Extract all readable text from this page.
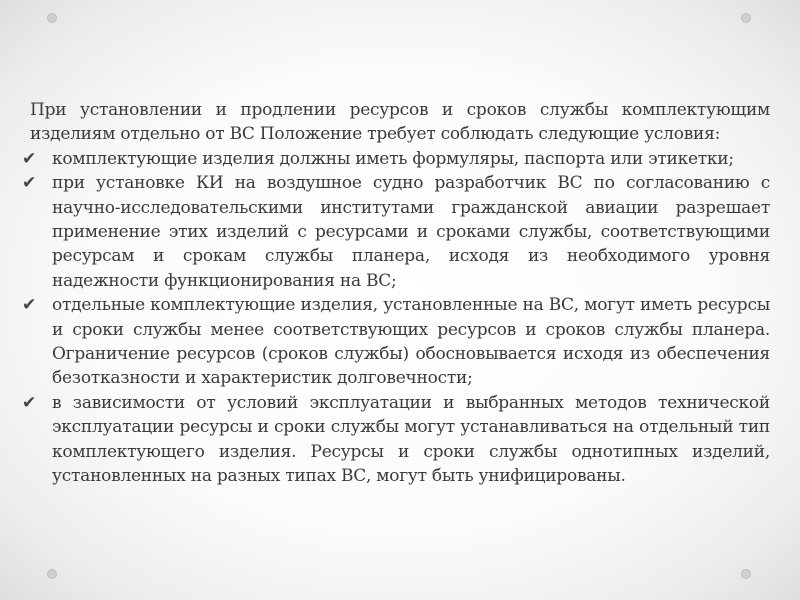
При установлении и продлении ресурсов и сроков службы комплектующим изделиям отдельно от ВС Положение требует соблюдать следующие условия:

✔ комплектующие изделия должны иметь формуляры, паспорта или этикетки;
✔ при установке КИ на воздушное судно разработчик ВС по согласованию с научно-исследовательскими институтами гражданской авиации разрешает применение этих изделий с ресурсами и сроками службы, соответствующими ресурсам и срокам службы планера, исходя из необходимого уровня надежности функционирования на ВС;
✔ отдельные комплектующие изделия, установленные на ВС, могут иметь ресурсы и сроки службы менее соответствующих ресурсов и сроков службы планера. Ограничение ресурсов (сроков службы) обосновывается исходя из обеспечения безотказности и характеристик долговечности;
✔ в зависимости от условий эксплуатации и выбранных методов технической эксплуатации ресурсы и сроки службы могут устанавливаться на отдельный тип комплектующего изделия. Ресурсы и сроки службы однотипных изделий, установленных на разных типах ВС, могут быть унифицированы.
